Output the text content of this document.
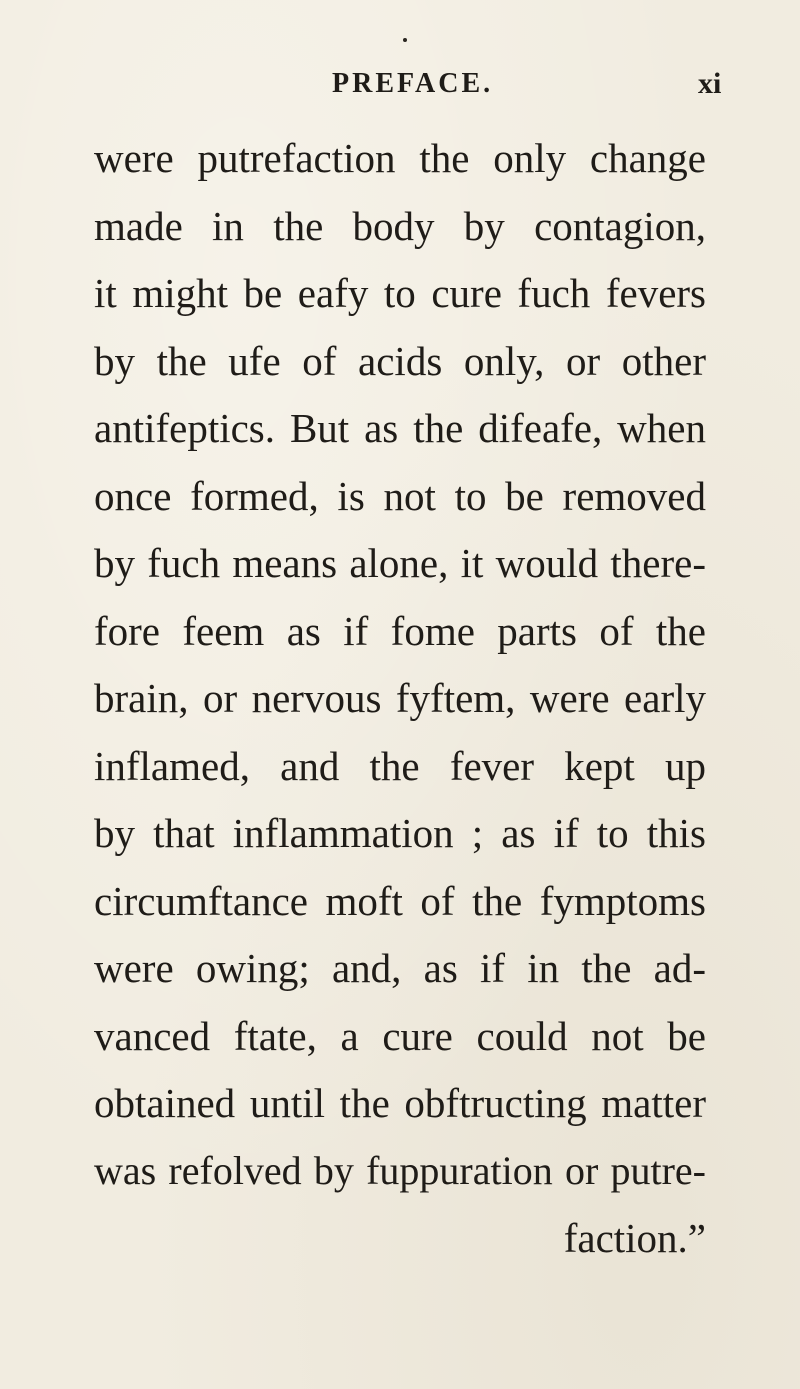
PREFACE.	xi
were putrefaction the only change
made in the body by contagion,
it might be eafy to cure fuch fevers
by the ufe of acids only, or other
antifeptics. But as the difeafe, when
once formed, is not to be removed
by fuch means alone, it would there-
fore feem as if fome parts of the
brain, or nervous fyftem, were early
inflamed, and the fever kept up
by that inflammation ; as if to this
circumftance moft of the fymptoms
were owing; and, as if in the ad-
vanced ftate, a cure could not be
obtained until the obftructing matter
was refolved by fuppuration or putre-
faction.”
